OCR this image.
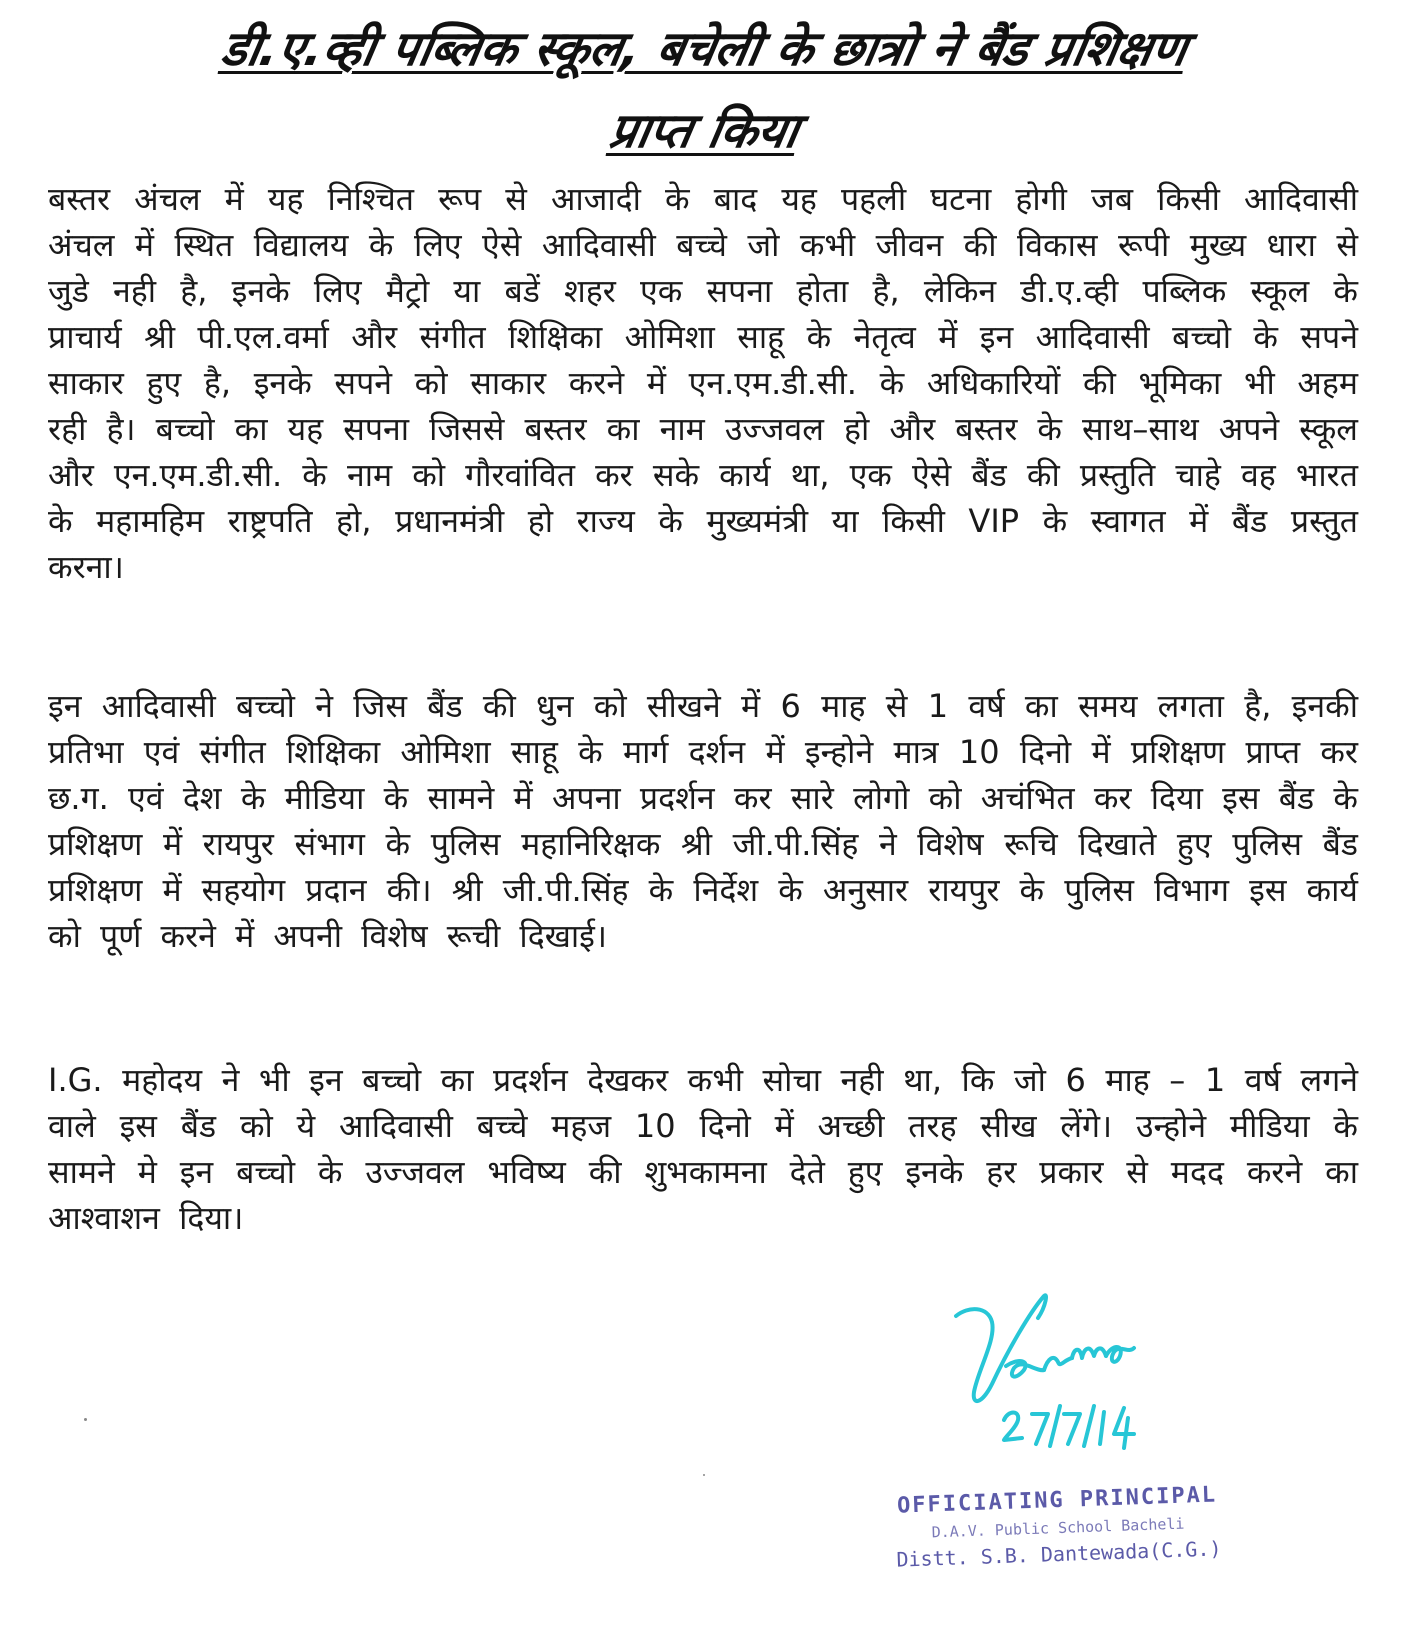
डी.ए.व्ही पब्लिक स्कूल, बचेली के छात्रो ने बैंड प्रशिक्षण
प्राप्त किया

बस्तर अंचल में यह निश्चित रूप से आजादी के बाद यह पहली घटना होगी जब किसी आदिवासी अंचल में स्थित विद्यालय के लिए ऐसे आदिवासी बच्चे जो कभी जीवन की विकास रूपी मुख्य धारा से जुडे नही है, इनके लिए मैट्रो या बडें शहर एक सपना होता है, लेकिन डी.ए.व्ही पब्लिक स्कूल के प्राचार्य श्री पी.एल.वर्मा और संगीत शिक्षिका ओमिशा साहू के नेतृत्व में इन आदिवासी बच्चो के सपने साकार हुए है, इनके सपने को साकार करने में एन.एम.डी.सी. के अधिकारियों की भूमिका भी अहम रही है। बच्चो का यह सपना जिससे बस्तर का नाम उज्जवल हो और बस्तर के साथ–साथ अपने स्कूल और एन.एम.डी.सी. के नाम को गौरवांवित कर सके कार्य था, एक ऐसे बैंड की प्रस्तुति चाहे वह भारत के महामहिम राष्ट्रपति हो, प्रधानमंत्री हो राज्य के मुख्यमंत्री या किसी VIP के स्वागत में बैंड प्रस्तुत करना।

इन आदिवासी बच्चो ने जिस बैंड की धुन को सीखने में 6 माह से 1 वर्ष का समय लगता है, इनकी प्रतिभा एवं संगीत शिक्षिका ओमिशा साहू के मार्ग दर्शन में इन्होने मात्र 10 दिनो में प्रशिक्षण प्राप्त कर छ.ग. एवं देश के मीडिया के सामने में अपना प्रदर्शन कर सारे लोगो को अचंभित कर दिया इस बैंड के प्रशिक्षण में रायपुर संभाग के पुलिस महानिरिक्षक श्री जी.पी.सिंह ने विशेष रूचि दिखाते हुए पुलिस बैंड प्रशिक्षण में सहयोग प्रदान की। श्री जी.पी.सिंह के निर्देश के अनुसार रायपुर के पुलिस विभाग इस कार्य को पूर्ण करने में अपनी विशेष रूची दिखाई।

I.G. महोदय ने भी इन बच्चो का प्रदर्शन देखकर कभी सोचा नही था, कि जो 6 माह – 1 वर्ष लगने वाले इस बैंड को ये आदिवासी बच्चे महज 10 दिनो में अच्छी तरह सीख लेंगे। उन्होने मीडिया के सामने मे इन बच्चो के उज्जवल भविष्य की शुभकामना देते हुए इनके हर प्रकार से मदद करने का आश्वाशन दिया।

OFFICIATING PRINCIPAL
D.A.V. Public School Bacheli
Distt. S.B. Dantewada(C.G.)
